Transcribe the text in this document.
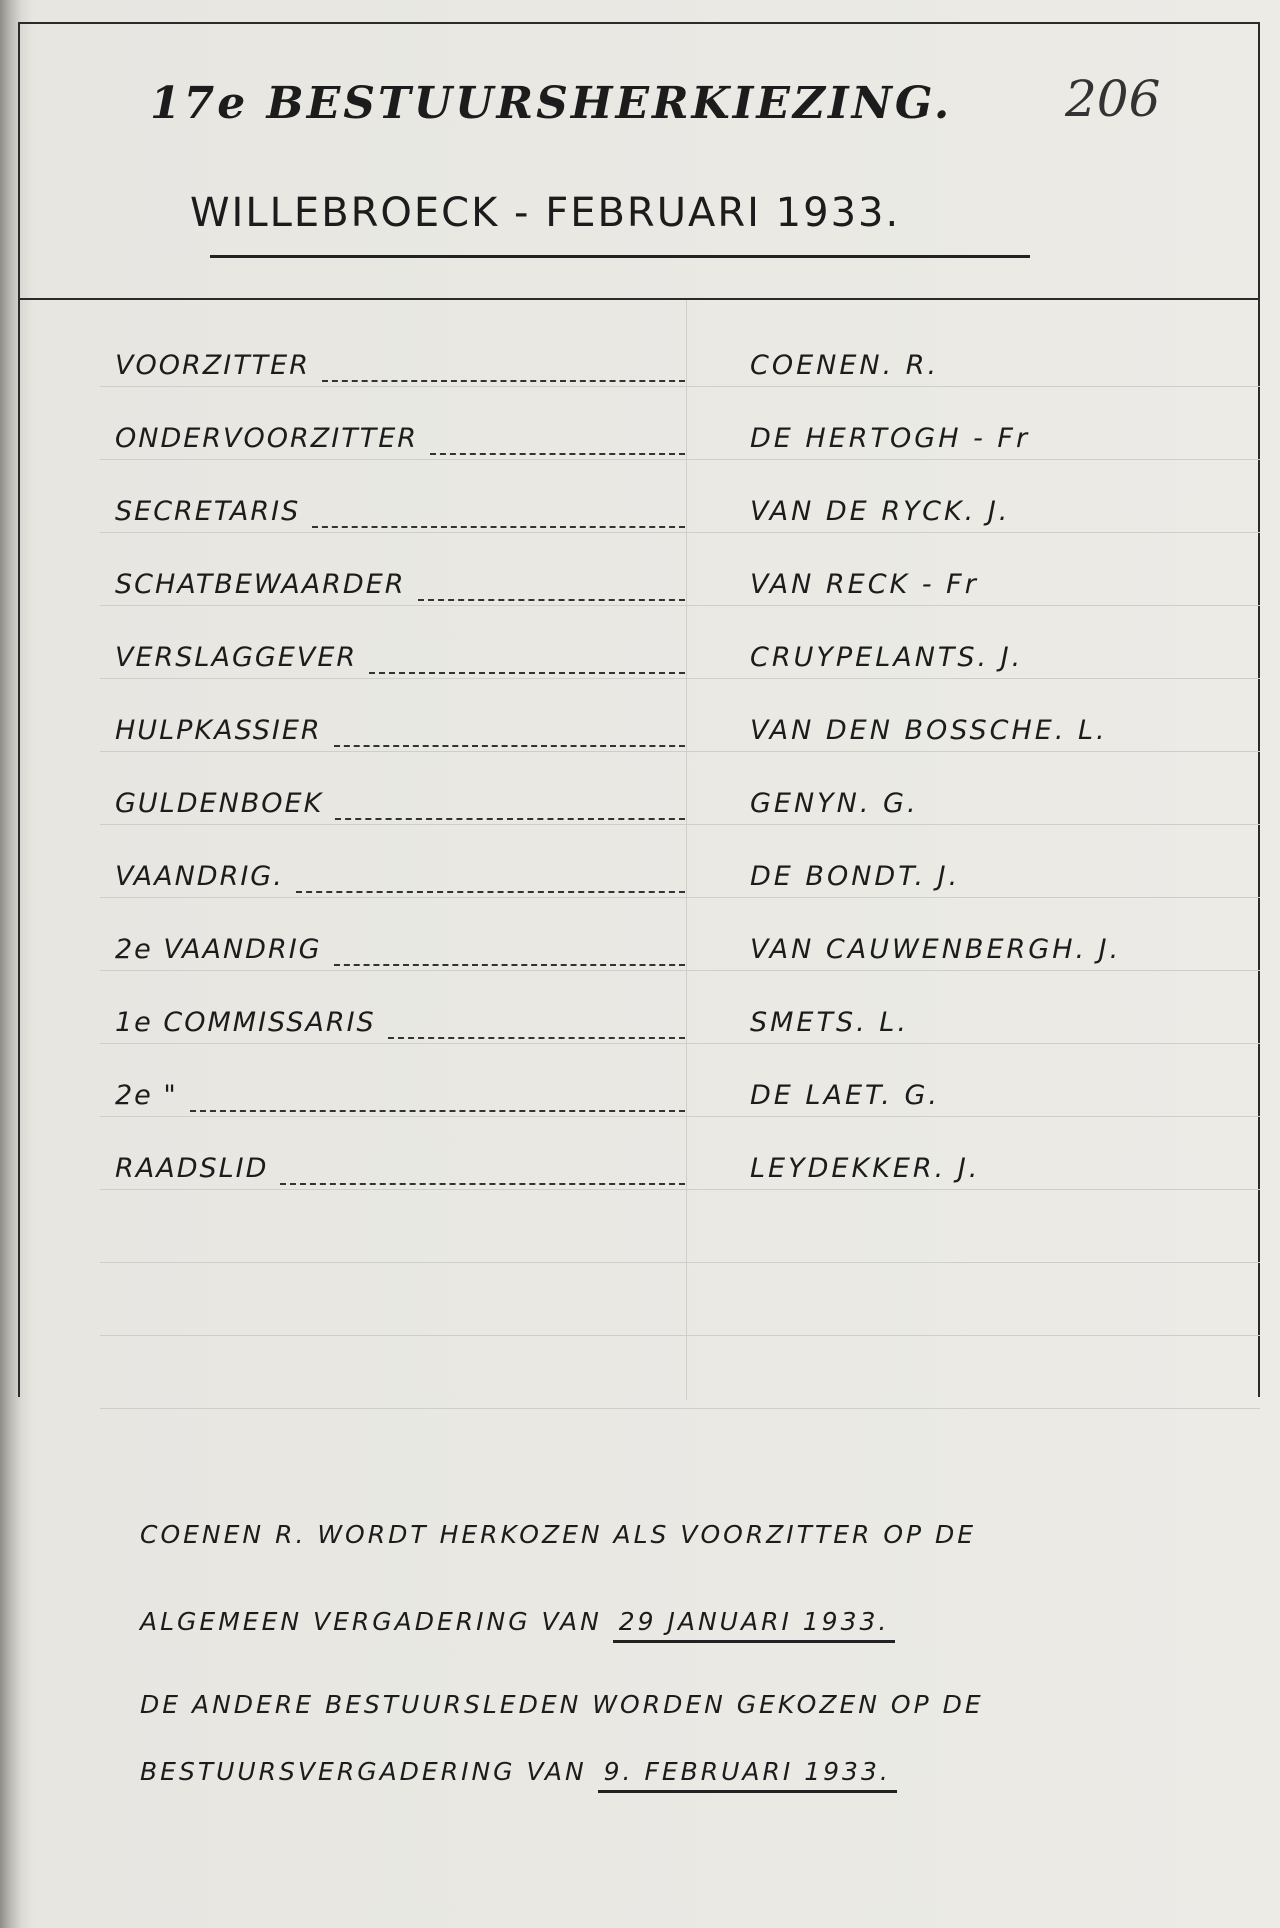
17e BESTUURSHERKIEZING. 206
WILLEBROECK - FEBRUARI 1933.
VOORZITTER	COENEN. R.
ONDERVOORZITTER	DE HERTOGH - Fr
SECRETARIS	VAN DE RYCK. J.
SCHATBEWAARDER	VAN RECK - Fr
VERSLAGGEVER	CRUYPELANTS. J.
HULPKASSIER	VAN DEN BOSSCHE. L.
GULDENBOEK	GENYN. G.
VAANDRIG.	DE BONDT. J.
2e VAANDRIG	VAN CAUWENBERGH. J.
1e COMMISSARIS	SMETS. L.
2e "	DE LAET. G.
RAADSLID	LEYDEKKER. J.
COENEN R. WORDT HERKOZEN ALS VOORZITTER OP DE
ALGEMEEN VERGADERING VAN 29 JANUARI 1933.
DE ANDERE BESTUURSLEDEN WORDEN GEKOZEN OP DE
BESTUURSVERGADERING VAN 9. FEBRUARI 1933.
